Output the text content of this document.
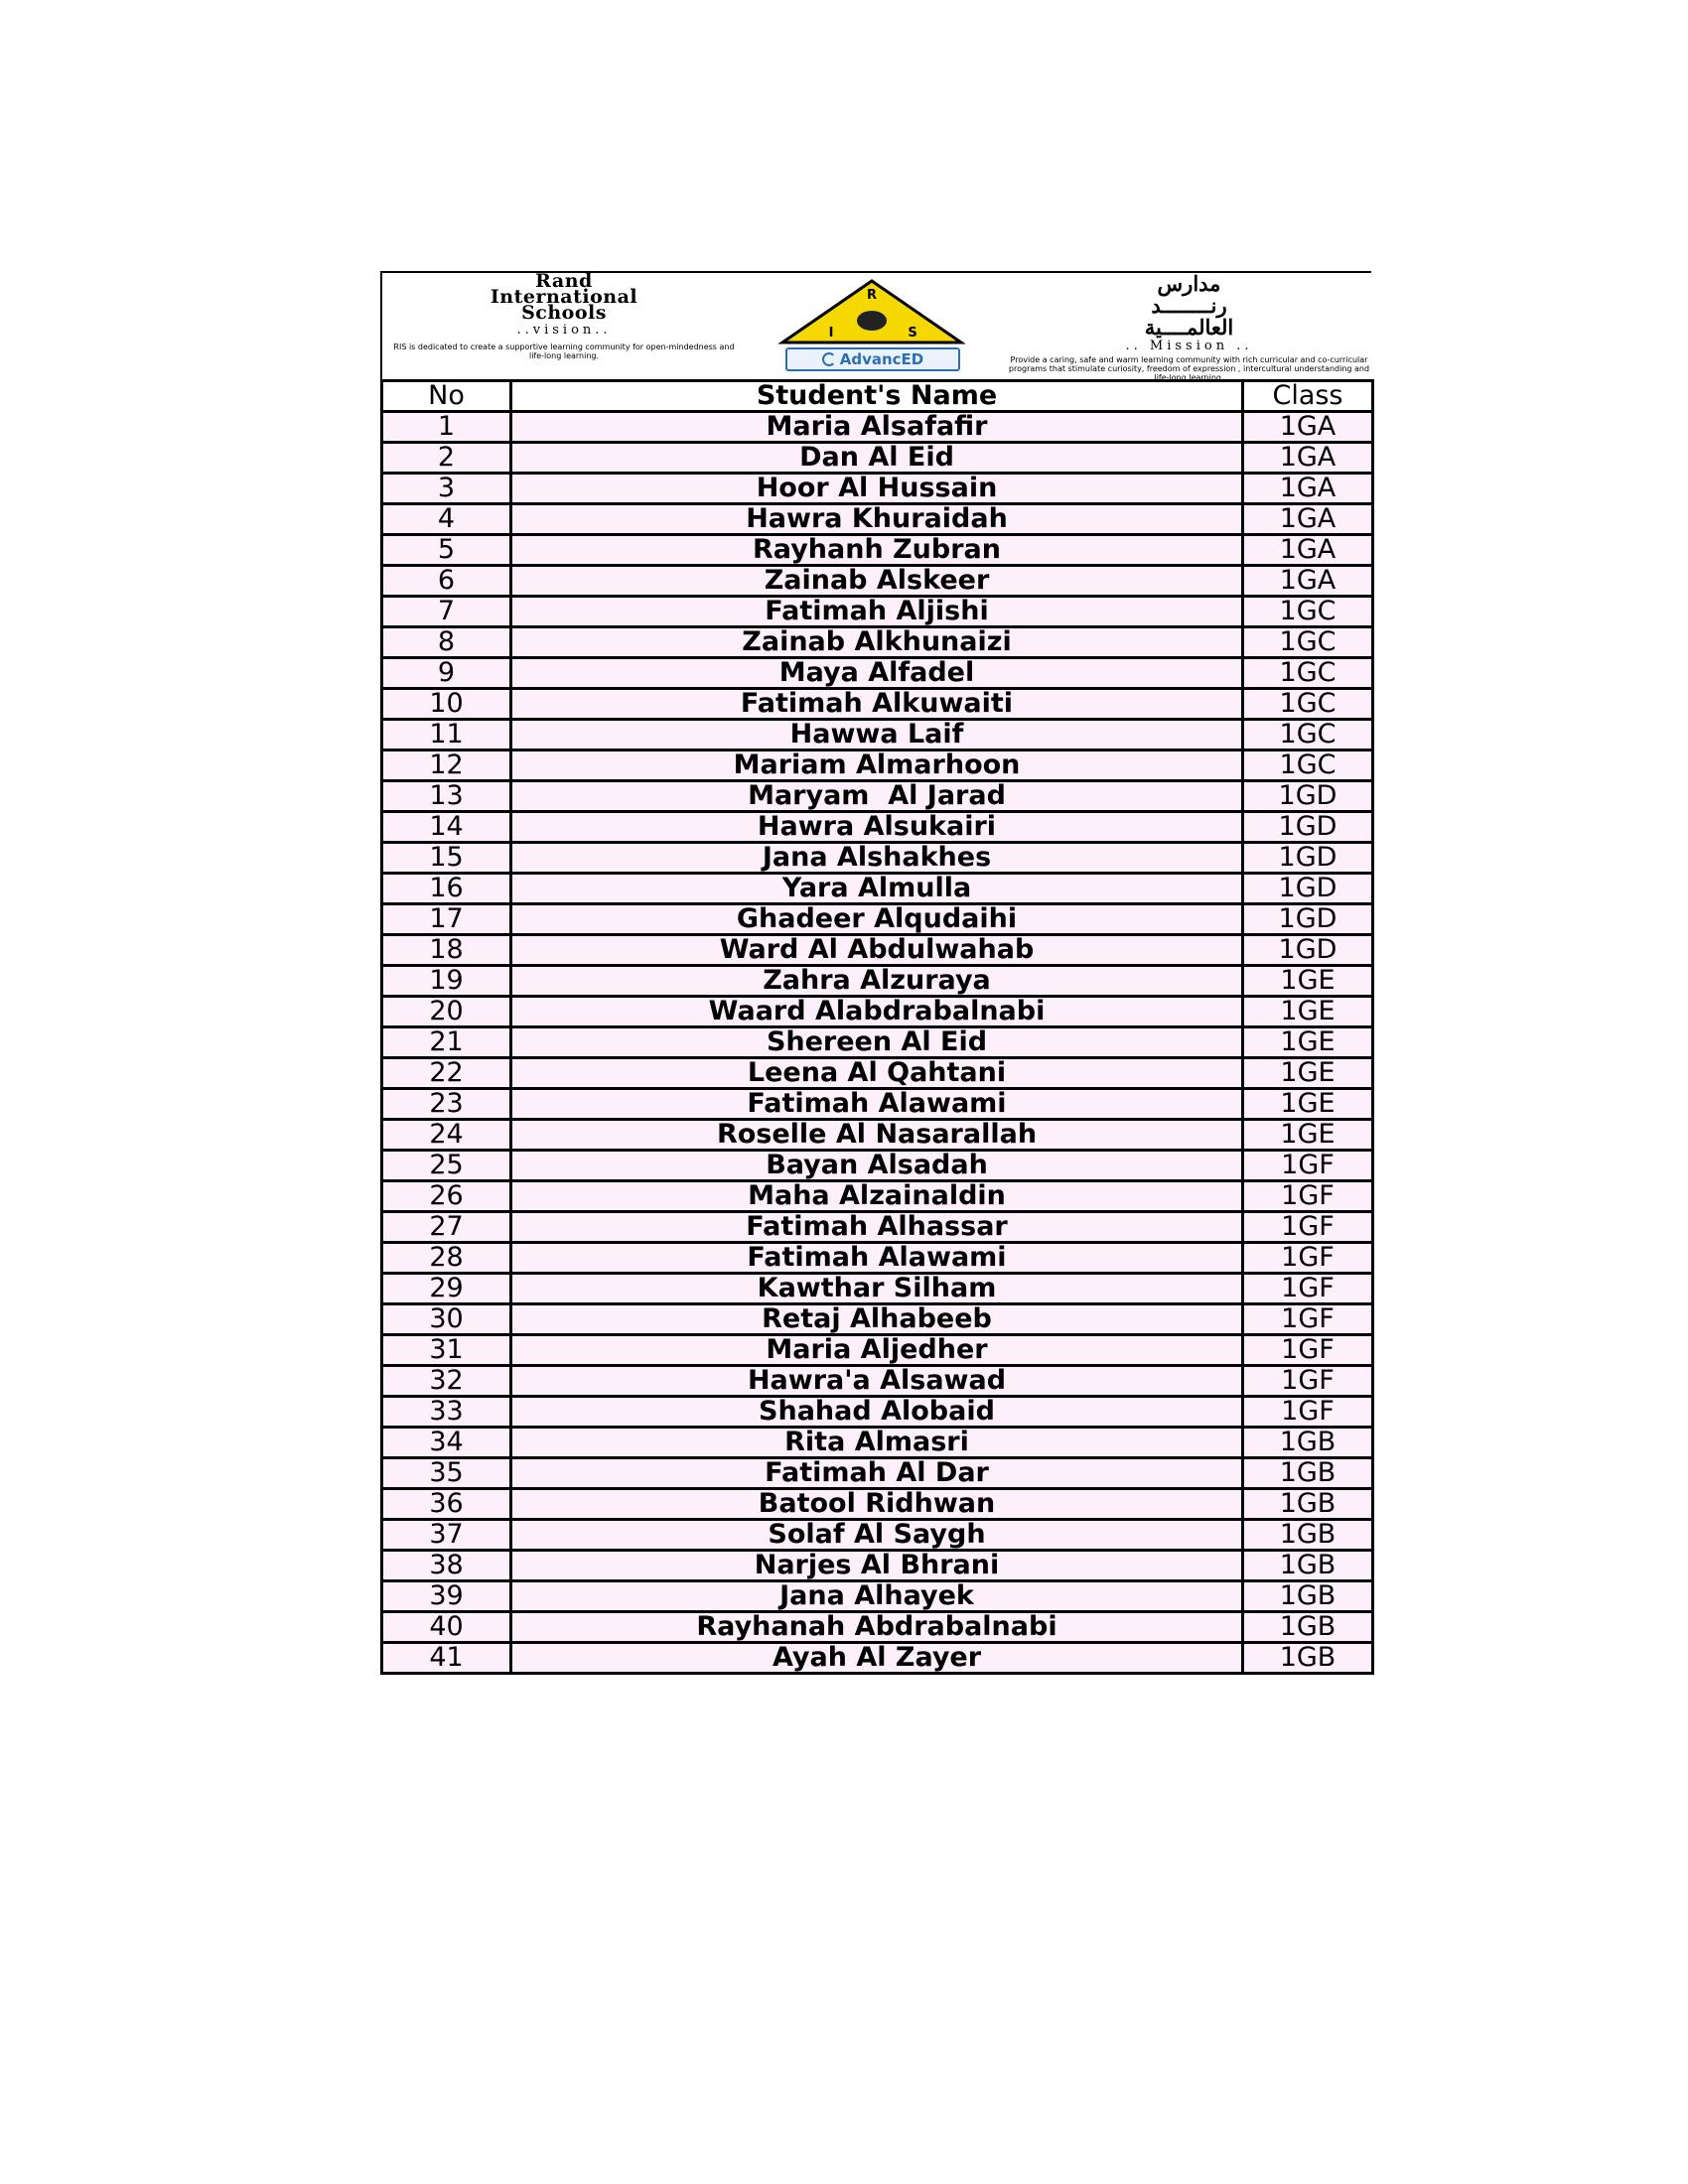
Rand
International
Schools
..vision..
RIS is dedicated to create a supportive learning community for open-mindedness and life-long learning.
R
I	S
AdvancED
مدارس
رنــــــــد
العالمــــية
.. Mission ..
Provide a caring, safe and warm learning community with rich curricular and co-curricular programs that stimulate curiosity, freedom of expression , intercultural understanding and life-long learning.
No	Student's Name	Class
1	Maria Alsafafir	1GA
2	Dan Al Eid	1GA
3	Hoor Al Hussain	1GA
4	Hawra Khuraidah	1GA
5	Rayhanh Zubran	1GA
6	Zainab Alskeer	1GA
7	Fatimah Aljishi	1GC
8	Zainab Alkhunaizi	1GC
9	Maya Alfadel	1GC
10	Fatimah Alkuwaiti	1GC
11	Hawwa Laif	1GC
12	Mariam Almarhoon	1GC
13	Maryam  Al Jarad	1GD
14	Hawra Alsukairi	1GD
15	Jana Alshakhes	1GD
16	Yara Almulla	1GD
17	Ghadeer Alqudaihi	1GD
18	Ward Al Abdulwahab	1GD
19	Zahra Alzuraya	1GE
20	Waard Alabdrabalnabi	1GE
21	Shereen Al Eid	1GE
22	Leena Al Qahtani	1GE
23	Fatimah Alawami	1GE
24	Roselle Al Nasarallah	1GE
25	Bayan Alsadah	1GF
26	Maha Alzainaldin	1GF
27	Fatimah Alhassar	1GF
28	Fatimah Alawami	1GF
29	Kawthar Silham	1GF
30	Retaj Alhabeeb	1GF
31	Maria Aljedher	1GF
32	Hawra'a Alsawad	1GF
33	Shahad Alobaid	1GF
34	Rita Almasri	1GB
35	Fatimah Al Dar	1GB
36	Batool Ridhwan	1GB
37	Solaf Al Saygh	1GB
38	Narjes Al Bhrani	1GB
39	Jana Alhayek	1GB
40	Rayhanah Abdrabalnabi	1GB
41	Ayah Al Zayer	1GB
